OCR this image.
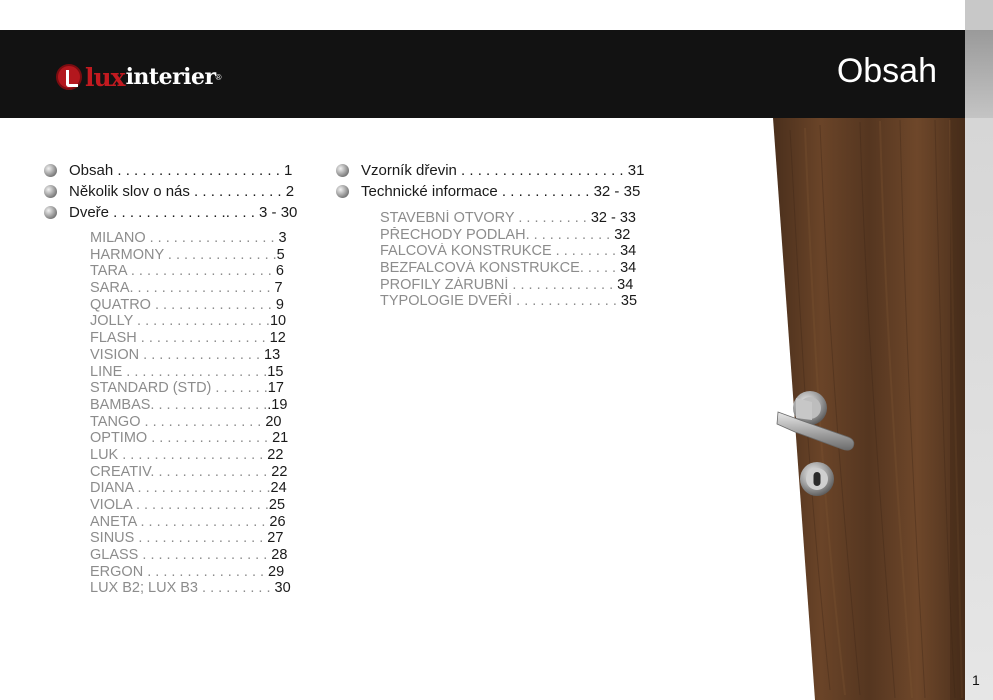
lux interier ®	Obsah
Obsah . . . . . . . . . . . . . . . . . . . . 1
Několik slov o nás . . . . . . . . . . . 2
Dveře . . . . . . . . . . . . . .. . . . 3 - 30
MILANO . . . . . . . . . . . . . . . . 3
HARMONY . . . . . . . . . . . . . .5
TARA . . . . . . . . . . . . . . . . . . 6
SARA. . . . . . . . . . . . . . . . . . 7
QUATRO . . . . . . . . . . . . . . . 9
JOLLY . . . . . . . . . . . . . . . . .10
FLASH . . . . . . . . . . . . . . . . 12
VISION . . . . . . . . . . . . . . . 13
LINE . . . . . . . . . . . . . . . . . .15
STANDARD (STD) . . . . . . .17
BAMBAS. . . . . . . . . . . . . . ..19
TANGO . . . . . . . . . . . . . . . 20
OPTIMO . . . . . . . . . . . . . . . 21
LUK . . . . . . . . . . . . . . . . . . 22
CREATIV. . . . . . . . . . . . . . . 22
DIANA . . . . . . . . . . . . . . . . .24
VIOLA . . . . . . . . . . . . . . . . .25
ANETA . . . . . . . . . . . . . . . . 26
SINUS . . . . . . . . . . . . . . . . 27
GLASS . . . . . . . . . . . . . . . . 28
ERGON . . . . . . . . . . . . . . . 29
LUX B2; LUX B3 . . . . . . . . . 30
Vzorník dřevin . . . . . . . . . . . . . . . . . . . . 31
Technické informace . . . . . . . . . . . 32 - 35
STAVEBNÍ OTVORY . . . . . . . . . 32 - 33
PŘECHODY PODLAH. . . . . . . . . . . 32
FALCOVÁ KONSTRUKCE . . . . . . . . 34
BEZFALCOVÁ KONSTRUKCE. . . . . 34
PROFILY ZÁRUBNÍ . . . . . . . . . . . . . 34
TYPOLOGIE DVEŘÍ . . . . . . . . . . . . . 35
1
